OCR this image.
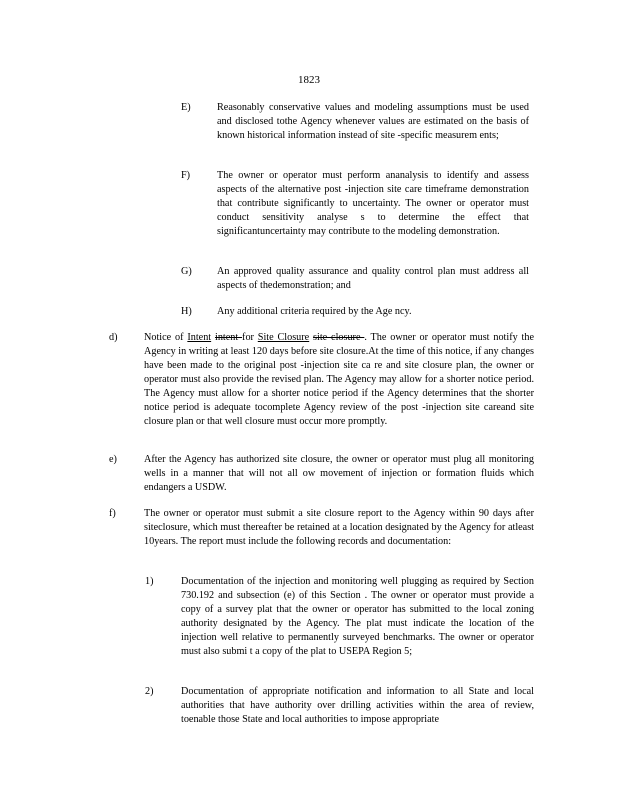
1823
E)	Reasonably conservative values and modeling assumptions must be used and disclosed tothe Agency whenever values are estimated on the basis of known historical information instead of site -specific measurem ents;
F)	The owner or operator must perform ananalysis to identify and assess aspects of the alternative post -injection site care timeframe demonstration that contribute significantly to uncertainty. The owner or operator must conduct sensitivity analyse s to determine the effect that significantuncertainty may contribute to the modeling demonstration.
G) An approved quality assurance and quality control plan must address all aspects of thedemonstration; and
H) Any additional criteria required by the Age ncy.
d)	Notice of Intent intent for Site Closure site closure . The owner or operator must notify the Agency in writing at least 120 days before site closure.At the time of this notice, if any changes have been made to the original post -injection site ca re and site closure plan, the owner or operator must also provide the revised plan. The Agency may allow for a shorter notice period. The Agency must allow for a shorter notice period if the Agency determines that the shorter notice period is adequate tocomplete Agency review of the post -injection site careand site closure plan or that well closure must occur more promptly.
e)	After the Agency has authorized site closure, the owner or operator must plug all monitoring wells in a manner that will not all ow movement of injection or formation fluids which endangers a USDW.
f)	The owner or operator must submit a site closure report to the Agency within 90 days after siteclosure, which must thereafter be retained at a location designated by the Agency for atleast 10years. The report must include the following records and documentation:
1)	Documentation of the injection and monitoring well plugging as required by Section 730.192 and subsection (e) of this Section . The owner or operator must provide a copy of a survey plat that the owner or operator has submitted to the local zoning authority designated by the Agency. The plat must indicate the location of the injection well relative to permanently surveyed benchmarks. The owner or operator must also submi t a copy of the plat to USEPA Region 5;
2)	Documentation of appropriate notification and information to all State and local authorities that have authority over drilling activities within the area of review, toenable those State and local authorities to impose appropriate
